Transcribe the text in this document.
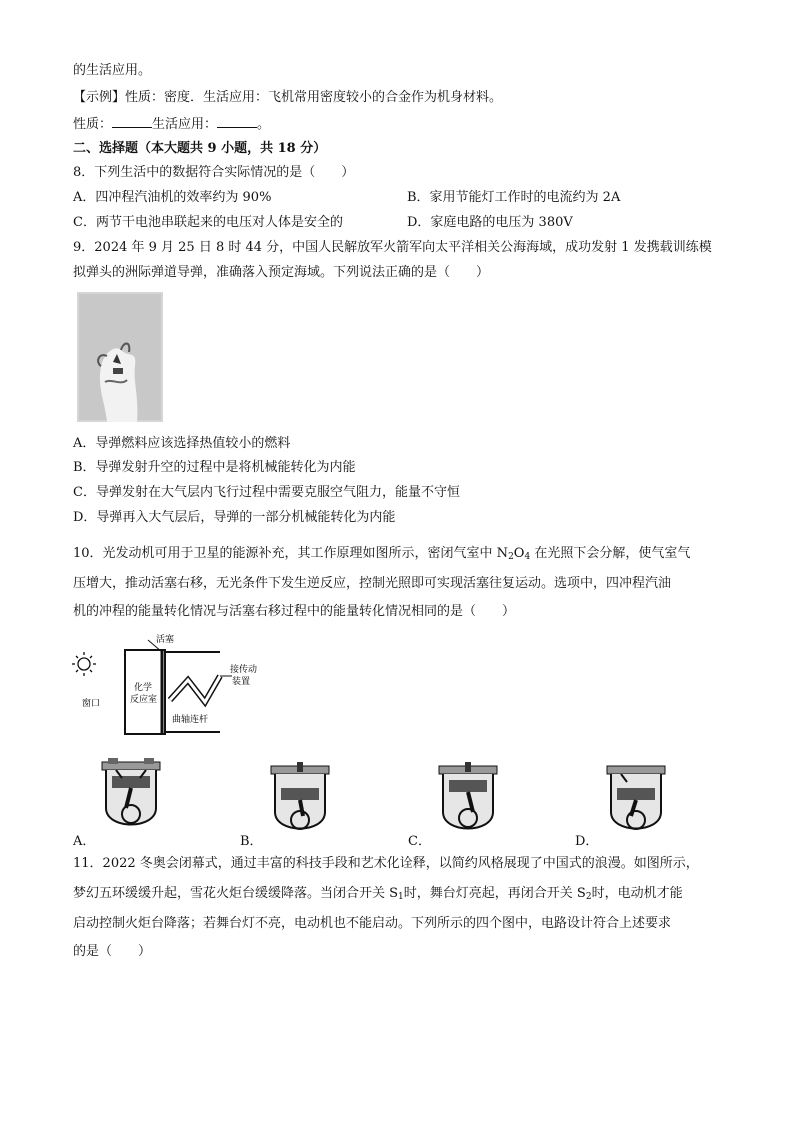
的生活应用。
【示例】性质：密度．生活应用：飞机常用密度较小的合金作为机身材料。
性质：	生活应用：	。
二、选择题（本大题共 9 小题，共 18 分）
8．下列生活中的数据符合实际情况的是（　　）
A．四冲程汽油机的效率约为 90%	B．家用节能灯工作时的电流约为 2A
C．两节干电池串联起来的电压对人体是安全的	D．家庭电路的电压为 380V
9．2024 年 9 月 25 日 8 时 44 分，中国人民解放军火箭军向太平洋相关公海海域，成功发射 1 发携载训练模
拟弹头的洲际弹道导弹，准确落入预定海域。下列说法正确的是（　　）
A．导弹燃料应该选择热值较小的燃料
B．导弹发射升空的过程中是将机械能转化为内能
C．导弹发射在大气层内飞行过程中需要克服空气阻力，能量不守恒
D．导弹再入大气层后，导弹的一部分机械能转化为内能
10．光发动机可用于卫星的能源补充，其工作原理如图所示，密闭气室中 $N_2O_4$ 在光照下会分解，使气室气
压增大，推动活塞右移，无光条件下发生逆反应，控制光照即可实现活塞往复运动。选项中，四冲程汽油
机的冲程的能量转化情况与活塞右移过程中的能量转化情况相同的是（　　）
活塞
窗口
化学
反应室
曲轴连杆
接传动
装置
A．	B．	C．	D．
11．2022 冬奥会闭幕式，通过丰富的科技手段和艺术化诠释，以简约风格展现了中国式的浪漫。如图所示，
梦幻五环缓缓升起，雪花火炬台缓缓降落。当闭合开关 $S_1$时，舞台灯亮起，再闭合开关 $S_2$时，电动机才能
启动控制火炬台降落；若舞台灯不亮，电动机也不能启动。下列所示的四个图中，电路设计符合上述要求
的是（　　）
